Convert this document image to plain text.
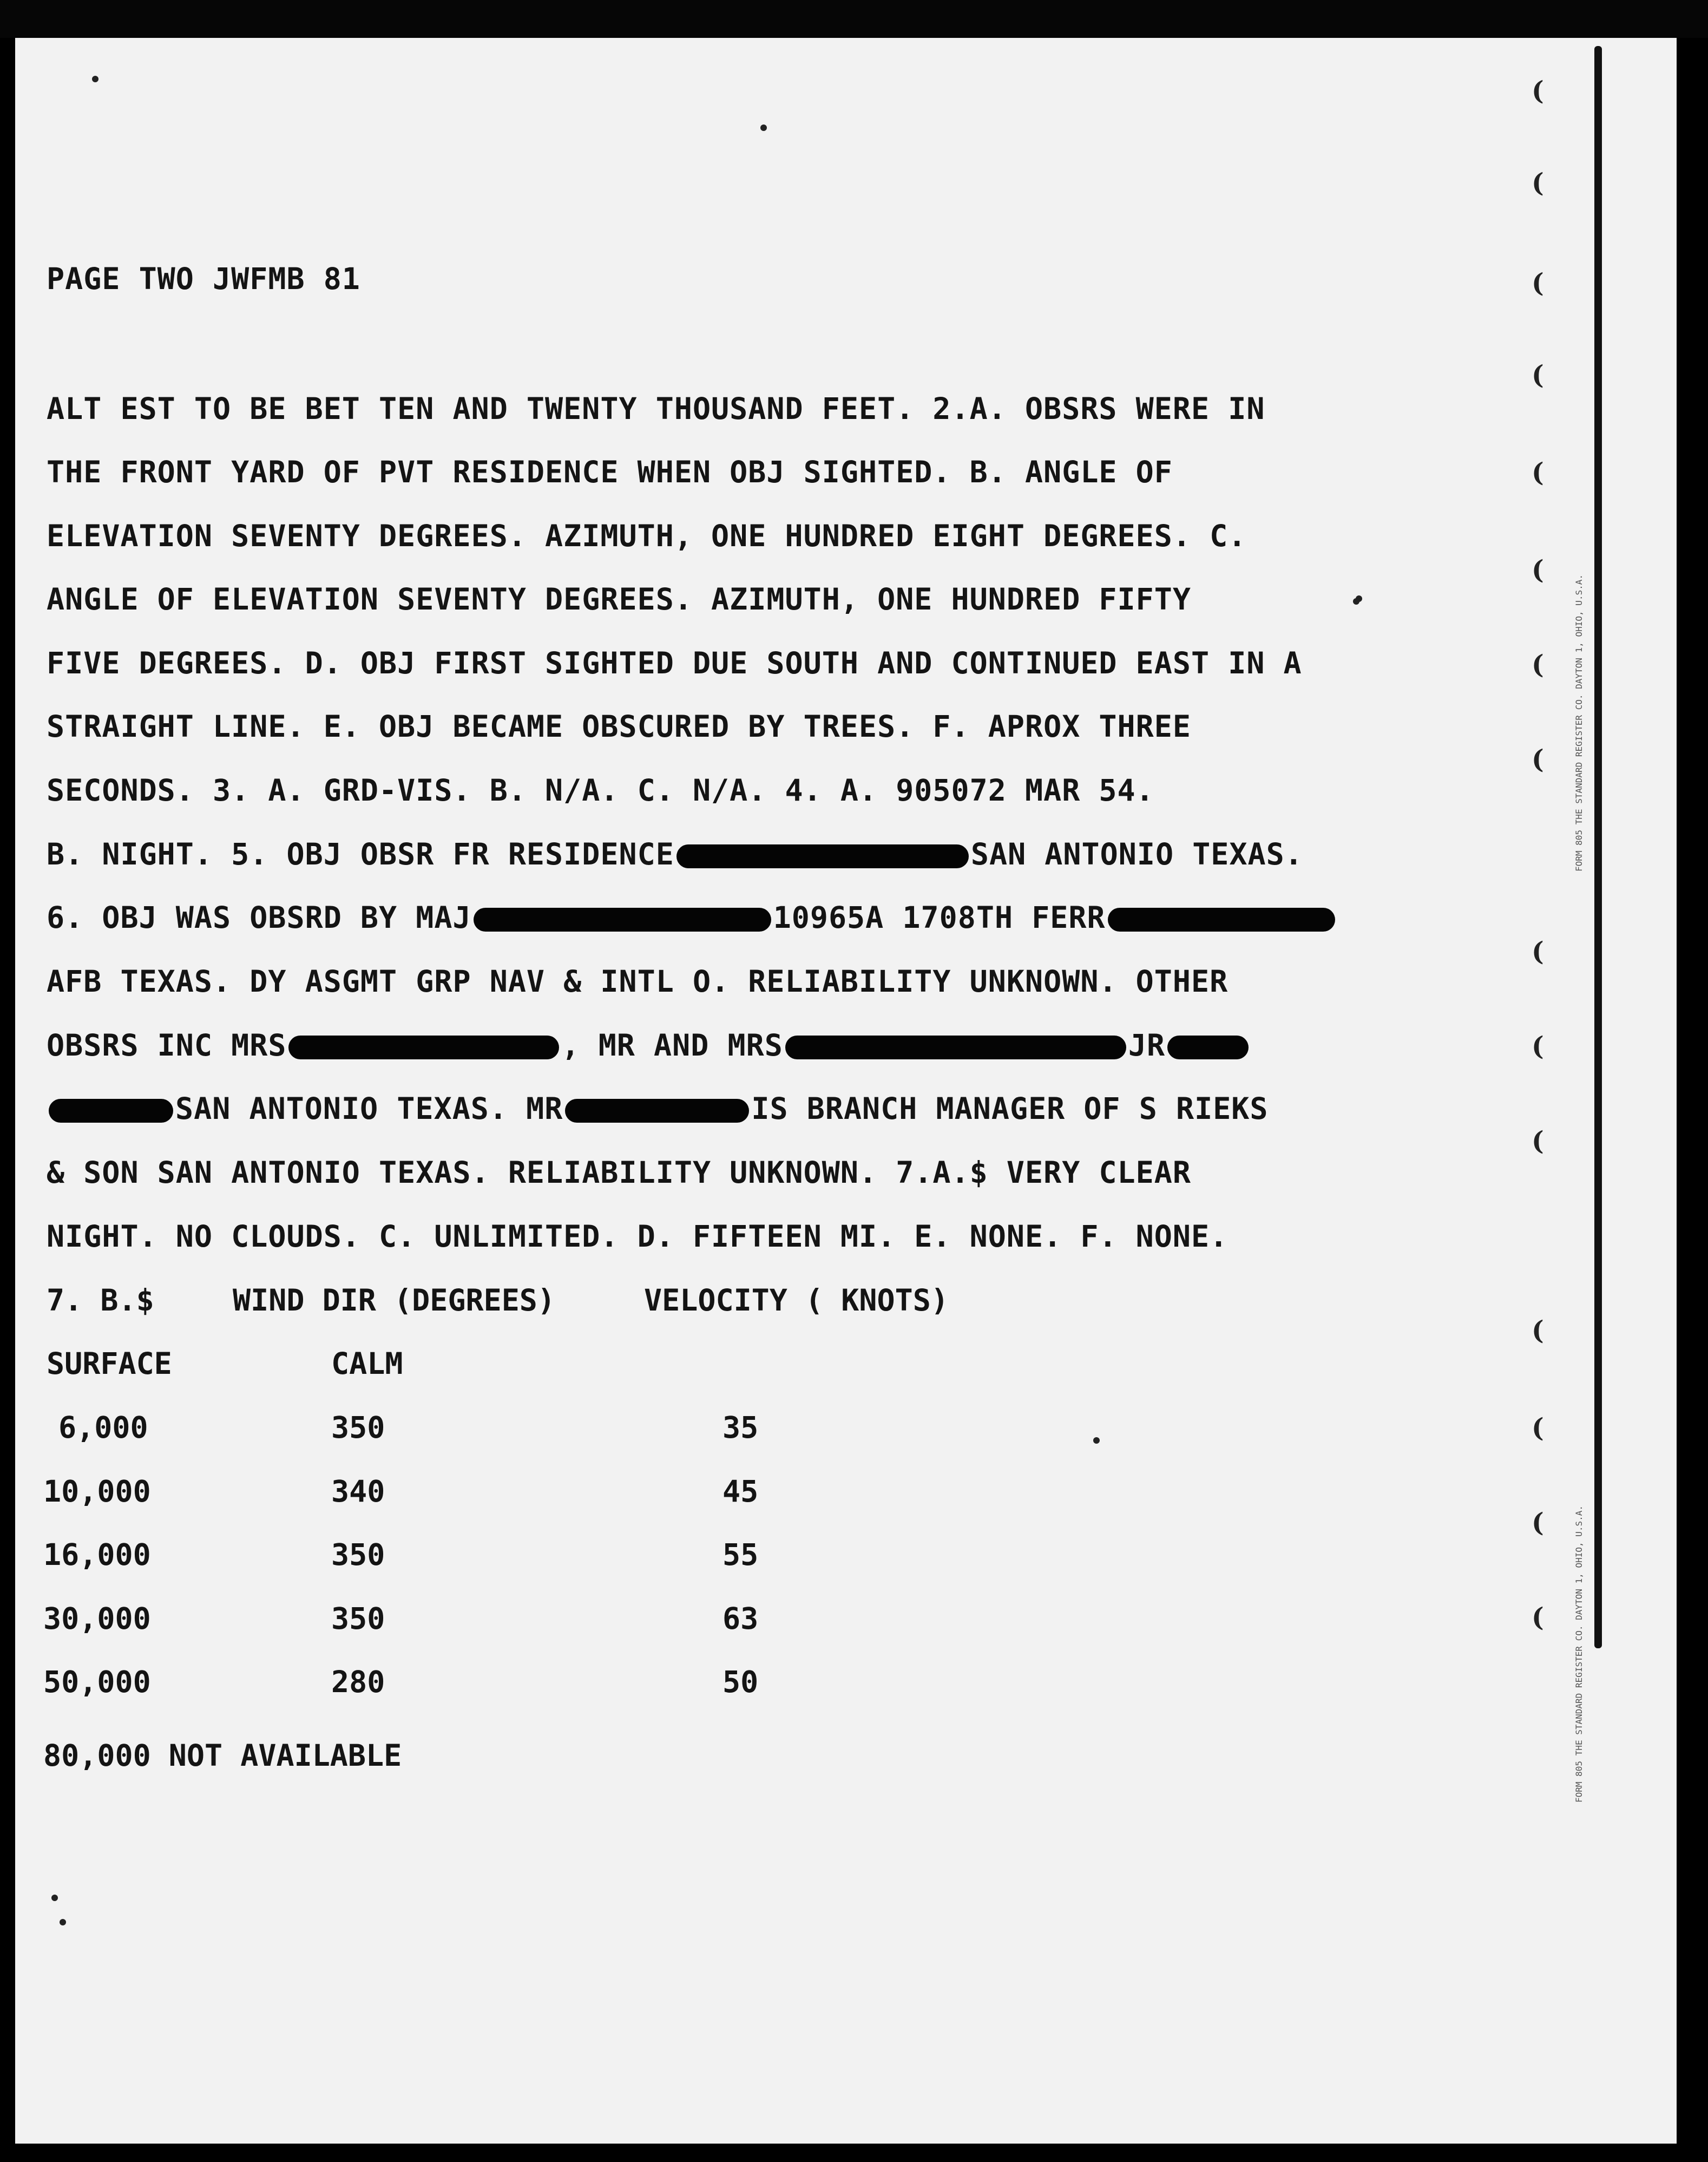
(
(
(
(
(
(
(
(
(
(
(
(
(
(
(
FORM 805 THE STANDARD REGISTER CO. DAYTON 1, OHIO, U.S.A.
FORM 805 THE STANDARD REGISTER CO. DAYTON 1, OHIO, U.S.A.
PAGE TWO JWFMB 81
ALT EST TO BE BET TEN AND TWENTY THOUSAND FEET. 2.A. OBSRS WERE IN
THE FRONT YARD OF PVT RESIDENCE WHEN OBJ SIGHTED. B. ANGLE OF
ELEVATION SEVENTY DEGREES. AZIMUTH, ONE HUNDRED EIGHT DEGREES. C.
ANGLE OF ELEVATION SEVENTY DEGREES. AZIMUTH, ONE HUNDRED FIFTY
FIVE DEGREES. D. OBJ FIRST SIGHTED DUE SOUTH AND CONTINUED EAST IN A
STRAIGHT LINE. E. OBJ BECAME OBSCURED BY TREES. F. APROX THREE
SECONDS. 3. A. GRD-VIS. B. N/A. C. N/A. 4. A. 905072 MAR 54.
B. NIGHT. 5. OBJ OBSR FR RESIDENCE	SAN ANTONIO TEXAS.
6. OBJ WAS OBSRD BY MAJ	10965A 1708TH FERR
AFB TEXAS. DY ASGMT GRP NAV & INTL O. RELIABILITY UNKNOWN. OTHER
OBSRS INC MRS	, MR AND MRS	JR
SAN ANTONIO TEXAS. MR	IS BRANCH MANAGER OF S RIEKS
& SON SAN ANTONIO TEXAS. RELIABILITY UNKNOWN. 7.A.$ VERY CLEAR
NIGHT. NO CLOUDS. C. UNLIMITED. D. FIFTEEN MI. E. NONE. F. NONE.
7. B.$	WIND DIR (DEGREES)	VELOCITY ( KNOTS)
SURFACE	CALM
6,000	350	35
10,000	340	45
16,000	350	55
30,000	350	63
50,000	280	50
80,000 NOT AVAILABLE
